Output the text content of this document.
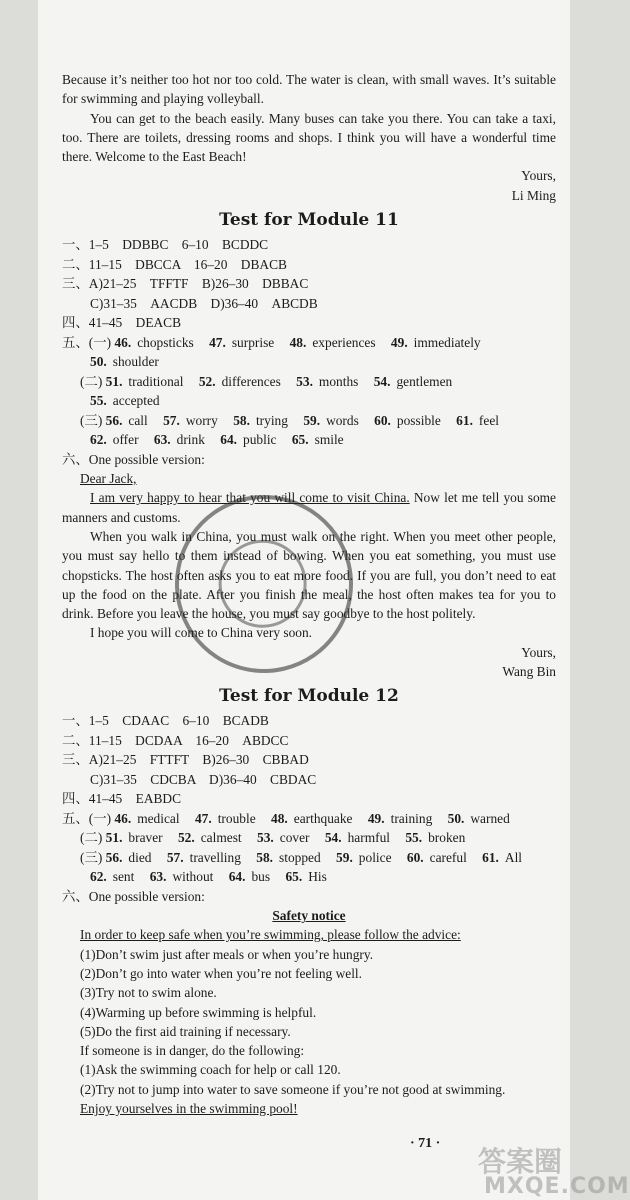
Because it’s neither too hot nor too cold. The water is clean, with small waves. It’s suitable for swimming and playing volleyball.

You can get to the beach easily. Many buses can take you there. You can take a taxi, too. There are toilets, dressing rooms and shops. I think you will have a wonderful time there. Welcome to the East Beach!

Yours,

Li Ming

Test for Module 11
一、1–5　DDBBC　6–10　BCDDC
二、11–15　DBCCA　16–20　DBACB
三、A)21–25　TFFTF　B)26–30　DBBAC
C)31–35　AACDB　D)36–40　ABCDB
四、41–45　DEACB
五、(一) 46. chopsticks 47. surprise 48. experiences 49. immediately
50. shoulder
(二) 51. traditional 52. differences 53. months 54. gentlemen
55. accepted
(三) 56. call 57. worry 58. trying 59. words 60. possible 61. feel
62. offer 63. drink 64. public 65. smile
六、One possible version:

Dear Jack,

I am very happy to hear that you will come to visit China. Now let me tell you some manners and customs.

When you walk in China, you must walk on the right. When you meet other people, you must say hello to them instead of bowing. When you eat something, you must use chopsticks. The host often asks you to eat more food. If you are full, you don’t need to eat up the food on the plate. After you finish the meal, the host often makes tea for you to drink. Before you leave the house, you must say goodbye to the host politely.

I hope you will come to China very soon.

Yours,

Wang Bin

Test for Module 12
一、1–5　CDAAC　6–10　BCADB
二、11–15　DCDAA　16–20　ABDCC
三、A)21–25　FTTFT　B)26–30　CBBAD
C)31–35　CDCBA　D)36–40　CBDAC
四、41–45　EABDC
五、(一) 46. medical 47. trouble 48. earthquake 49. training 50. warned
(二) 51. braver 52. calmest 53. cover 54. harmful 55. broken
(三) 56. died 57. travelling 58. stopped 59. police 60. careful 61. All
62. sent 63. without 64. bus 65. His
六、One possible version:
Safety notice

In order to keep safe when you’re swimming, please follow the advice:

(1)Don’t swim just after meals or when you’re hungry.

(2)Don’t go into water when you’re not feeling well.

(3)Try not to swim alone.

(4)Warming up before swimming is helpful.

(5)Do the first aid training if necessary.

If someone is in danger, do the following:

(1)Ask the swimming coach for help or call 120.

(2)Try not to jump into water to save someone if you’re not good at swimming.

Enjoy yourselves in the swimming pool!

· 71 ·
答案圈
MXQE.COM
